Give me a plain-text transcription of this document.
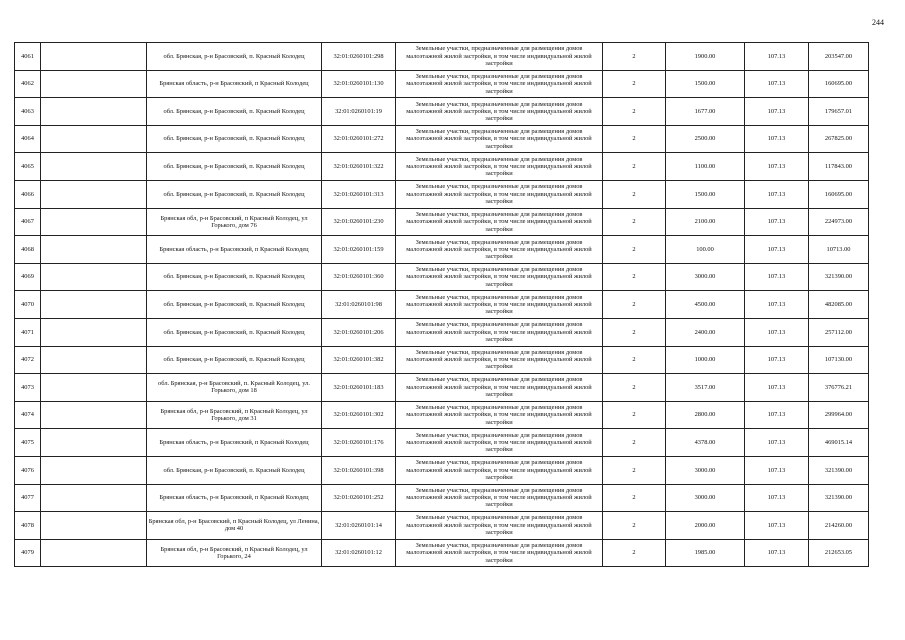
244
4061		обл. Брянская, р-н Брасовский, п. Красный Колодец	32:01:0260101:298	Земельные участки, предназначенные для размещения домов малоэтажной жилой застройки, в том числе индивидуальной жилой застройки	2	1900.00	107.13	203547.00
4062		Брянская область, р-н Брасовский, п Красный Колодец	32:01:0260101:130	Земельные участки, предназначенные для размещения домов малоэтажной жилой застройки, в том числе индивидуальной жилой застройки	2	1500.00	107.13	160695.00
4063		обл. Брянская, р-н Брасовский, п. Красный Колодец	32:01:0260101:19	Земельные участки, предназначенные для размещения домов малоэтажной жилой застройки, в том числе индивидуальной жилой застройки	2	1677.00	107.13	179657.01
4064		обл. Брянская, р-н Брасовский, п. Красный Колодец	32:01:0260101:272	Земельные участки, предназначенные для размещения домов малоэтажной жилой застройки, в том числе индивидуальной жилой застройки	2	2500.00	107.13	267825.00
4065		обл. Брянская, р-н Брасовский, п. Красный Колодец	32:01:0260101:322	Земельные участки, предназначенные для размещения домов малоэтажной жилой застройки, в том числе индивидуальной жилой застройки	2	1100.00	107.13	117843.00
4066		обл. Брянская, р-н Брасовский, п. Красный Колодец	32:01:0260101:313	Земельные участки, предназначенные для размещения домов малоэтажной жилой застройки, в том числе индивидуальной жилой застройки	2	1500.00	107.13	160695.00
4067		Брянская обл, р-н Брасовский, п Красный Колодец, ул Горького, дом 76	32:01:0260101:230	Земельные участки, предназначенные для размещения домов малоэтажной жилой застройки, в том числе индивидуальной жилой застройки	2	2100.00	107.13	224973.00
4068		Брянская область, р-н Брасовский, п Красный Колодец	32:01:0260101:159	Земельные участки, предназначенные для размещения домов малоэтажной жилой застройки, в том числе индивидуальной жилой застройки	2	100.00	107.13	10713.00
4069		обл. Брянская, р-н Брасовский, п. Красный Колодец	32:01:0260101:360	Земельные участки, предназначенные для размещения домов малоэтажной жилой застройки, в том числе индивидуальной жилой застройки	2	3000.00	107.13	321390.00
4070		обл. Брянская, р-н Брасовский, п. Красный Колодец	32:01:0260101:98	Земельные участки, предназначенные для размещения домов малоэтажной жилой застройки, в том числе индивидуальной жилой застройки	2	4500.00	107.13	482085.00
4071		обл. Брянская, р-н Брасовский, п. Красный Колодец	32:01:0260101:206	Земельные участки, предназначенные для размещения домов малоэтажной жилой застройки, в том числе индивидуальной жилой застройки	2	2400.00	107.13	257112.00
4072		обл. Брянская, р-н Брасовский, п. Красный Колодец	32:01:0260101:382	Земельные участки, предназначенные для размещения домов малоэтажной жилой застройки, в том числе индивидуальной жилой застройки	2	1000.00	107.13	107130.00
4073		обл. Брянская, р-н Брасовский, п. Красный Колодец, ул. Горького, дом 18	32:01:0260101:183	Земельные участки, предназначенные для размещения домов малоэтажной жилой застройки, в том числе индивидуальной жилой застройки	2	3517.00	107.13	376776.21
4074		Брянская обл, р-н Брасовский, п Красный Колодец, ул Горького, дом 31	32:01:0260101:302	Земельные участки, предназначенные для размещения домов малоэтажной жилой застройки, в том числе индивидуальной жилой застройки	2	2800.00	107.13	299964.00
4075		Брянская область, р-н Брасовский, п Красный Колодец	32:01:0260101:176	Земельные участки, предназначенные для размещения домов малоэтажной жилой застройки, в том числе индивидуальной жилой застройки	2	4378.00	107.13	469015.14
4076		обл. Брянская, р-н Брасовский, п. Красный Колодец	32:01:0260101:398	Земельные участки, предназначенные для размещения домов малоэтажной жилой застройки, в том числе индивидуальной жилой застройки	2	3000.00	107.13	321390.00
4077		Брянская область, р-н Брасовский, п Красный Колодец	32:01:0260101:252	Земельные участки, предназначенные для размещения домов малоэтажной жилой застройки, в том числе индивидуальной жилой застройки	2	3000.00	107.13	321390.00
4078		Брянская обл, р-н Брасовский, п Красный Колодец, ул Ленина, дом 40	32:01:0260101:14	Земельные участки, предназначенные для размещения домов малоэтажной жилой застройки, в том числе индивидуальной жилой застройки	2	2000.00	107.13	214260.00
4079		Брянская обл, р-н Брасовский, п Красный Колодец, ул Горького, 24	32:01:0260101:12	Земельные участки, предназначенные для размещения домов малоэтажной жилой застройки, в том числе индивидуальной жилой застройки	2	1985.00	107.13	212653.05
